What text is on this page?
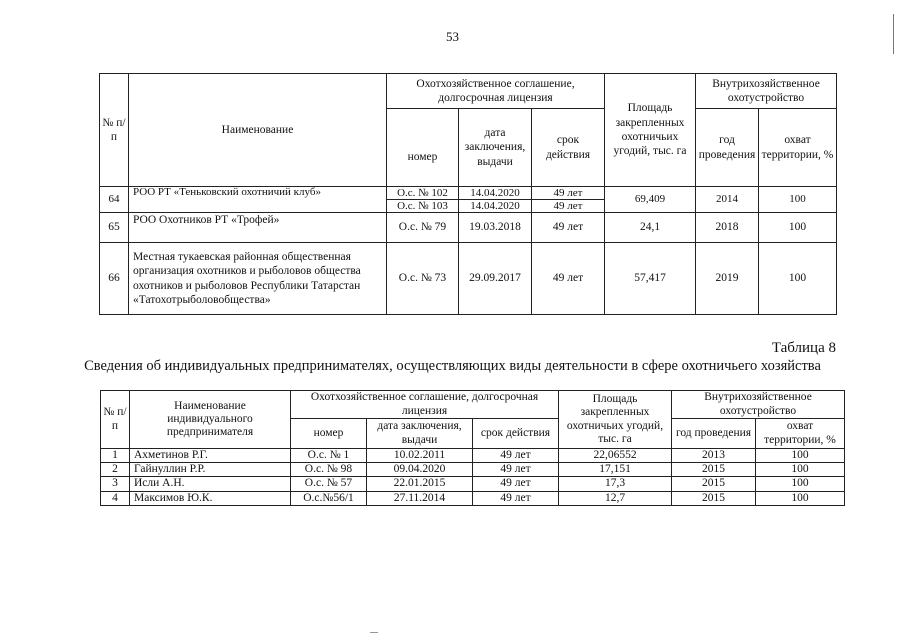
53
№ п/п	Наименование	Охотхозяйственное соглашение, долгосрочная лицензия			Площадь закрепленных охотничьих угодий, тыс. га	Внутрихозяйственное охотустройство	
		номер	дата заключения, выдачи	срок действия		год проведения	охват территории, %
64	РОО РТ «Теньковский охотничий клуб»	О.с. № 102	14.04.2020	49 лет	69,409	2014	100
		О.с. № 103	14.04.2020	49 лет			
65	РОО Охотников РТ «Трофей»	О.с. № 79	19.03.2018	49 лет	24,1	2018	100
66	Местная тукаевская районная общественная организация охотников и рыболовов общества охотников и рыболовов Республики Татарстан «Татохотрыболовобщества»	О.с. № 73	29.09.2017	49 лет	57,417	2019	100
Таблица 8
Сведения об индивидуальных предпринимателях, осуществляющих виды деятельности в сфере охотничьего хозяйства
№ п/п	Наименование индивидуального предпринимателя	Охотхозяйственное соглашение, долгосрочная лицензия			Площадь закрепленных охотничьих угодий, тыс. га	Внутрихозяйственное охотустройство	
		номер	дата заключения, выдачи	срок действия		год проведения	охват территории, %
1	Ахметинов Р.Г.	О.с. № 1	10.02.2011	49 лет	22,06552	2013	100
2	Гайнуллин Р.Р.	О.с. № 98	09.04.2020	49 лет	17,151	2015	100
3	Исли А.Н.	О.с. № 57	22.01.2015	49 лет	17,3	2015	100
4	Максимов Ю.К.	О.с.№56/1	27.11.2014	49 лет	12,7	2015	100
